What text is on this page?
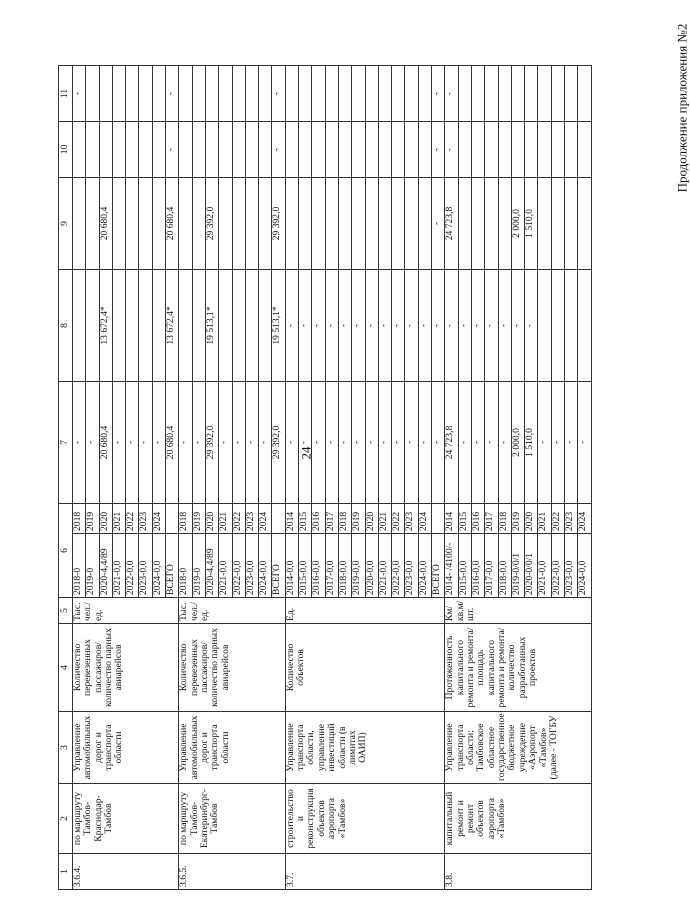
24
Продолжение приложения №2
1	2	3	4	5	6		7	8	9	10	11
3.6.4.	по маршруту Тамбов-Краснодар-Тамбов	Управление автомобильных дорог и транспорта области	Количество перевезенных пассажиров/количество парных авиарейсов	Тыс. чел./ед.	2018-0	2018	-				-
					2019-0	2019	-				
					2020-4,4/89	2020	20 680,4	13 672,4*	20 680,4		
					2021-0,0	2021	-				
					2022-0,0	2022	-				
					2023-0,0	2023	-				
					2024-0,0	2024	-				
					ВСЕГО		20 680,4	13 672,4*	20 680,4	-	-
3.6.5.	по маршруту Тамбов-Екатеринбург-Тамбов	Управление автомобильных дорог и транспорта области	Количество перевезенных пассажиров/количество парных авиарейсов	Тыс. чел./ед.	2018-0	2018	-				
					2019-0	2019	-				
					2020-4,4/89	2020	29 392,0	19 513,1*	29 392,0		
					2021-0,0	2021	-				
					2022-0,0	2022	-				
					2023-0,0	2023	-				
					2024-0,0	2024	-				
					ВСЕГО		29 392,0	19 513,1*	29 392,0	-	-
3.7.	строительство и реконструкция объектов аэропорта «Тамбов»	Управление транспорта области, управление инвестиций области (в лимитах ОАИП)	Количество объектов	Ед.	2014-0,0	2014	-	-			
					2015-0,0	2015	-	-			
					2016-0,0	2016	-	-			
					2017-0,0	2017	-	-			
					2018-0,0	2018	-	-			
					2019-0,0	2019	-	-			
					2020-0,0	2020	-	-			
					2021-0,0	2021	-	-			
					2022-0,0	2022	-	-			
					2023-0,0	2023	-	-			
					2024-0,0	2024	-	-			
					ВСЕГО		-	-	-	-	-
3.8.	капитальный ремонт и ремонт объектов аэропорта «Тамбов»	Управление транспорта области; Тамбовское областное государственное бюджетное учреждение «Аэропорт «Тамбов» (далее - ТОГБУ	Протяженность капитального ремонта и ремонта/площадь капитального ремонта и ремонта/количество разработанных проектов	Км/ кв.м/ шт.	2014- /4100/-	2014	24 723,8	-	24 723,8	-	-
					2015-0,0	2015	-	-			
					2016-0,0	2016	-	-			
					2017-0,0	2017	-	-			
					2018-0,0	2018	-	-			
					2019-0/0/1	2019	2 000,0	-	2 000,0		
					2020-0/0/1	2020	1 510,0	-	1 510,0		
					2021-0,0	2021	-				
					2022-0,0	2022	-				
					2023-0,0	2023	-				
					2024-0,0	2024	-				
